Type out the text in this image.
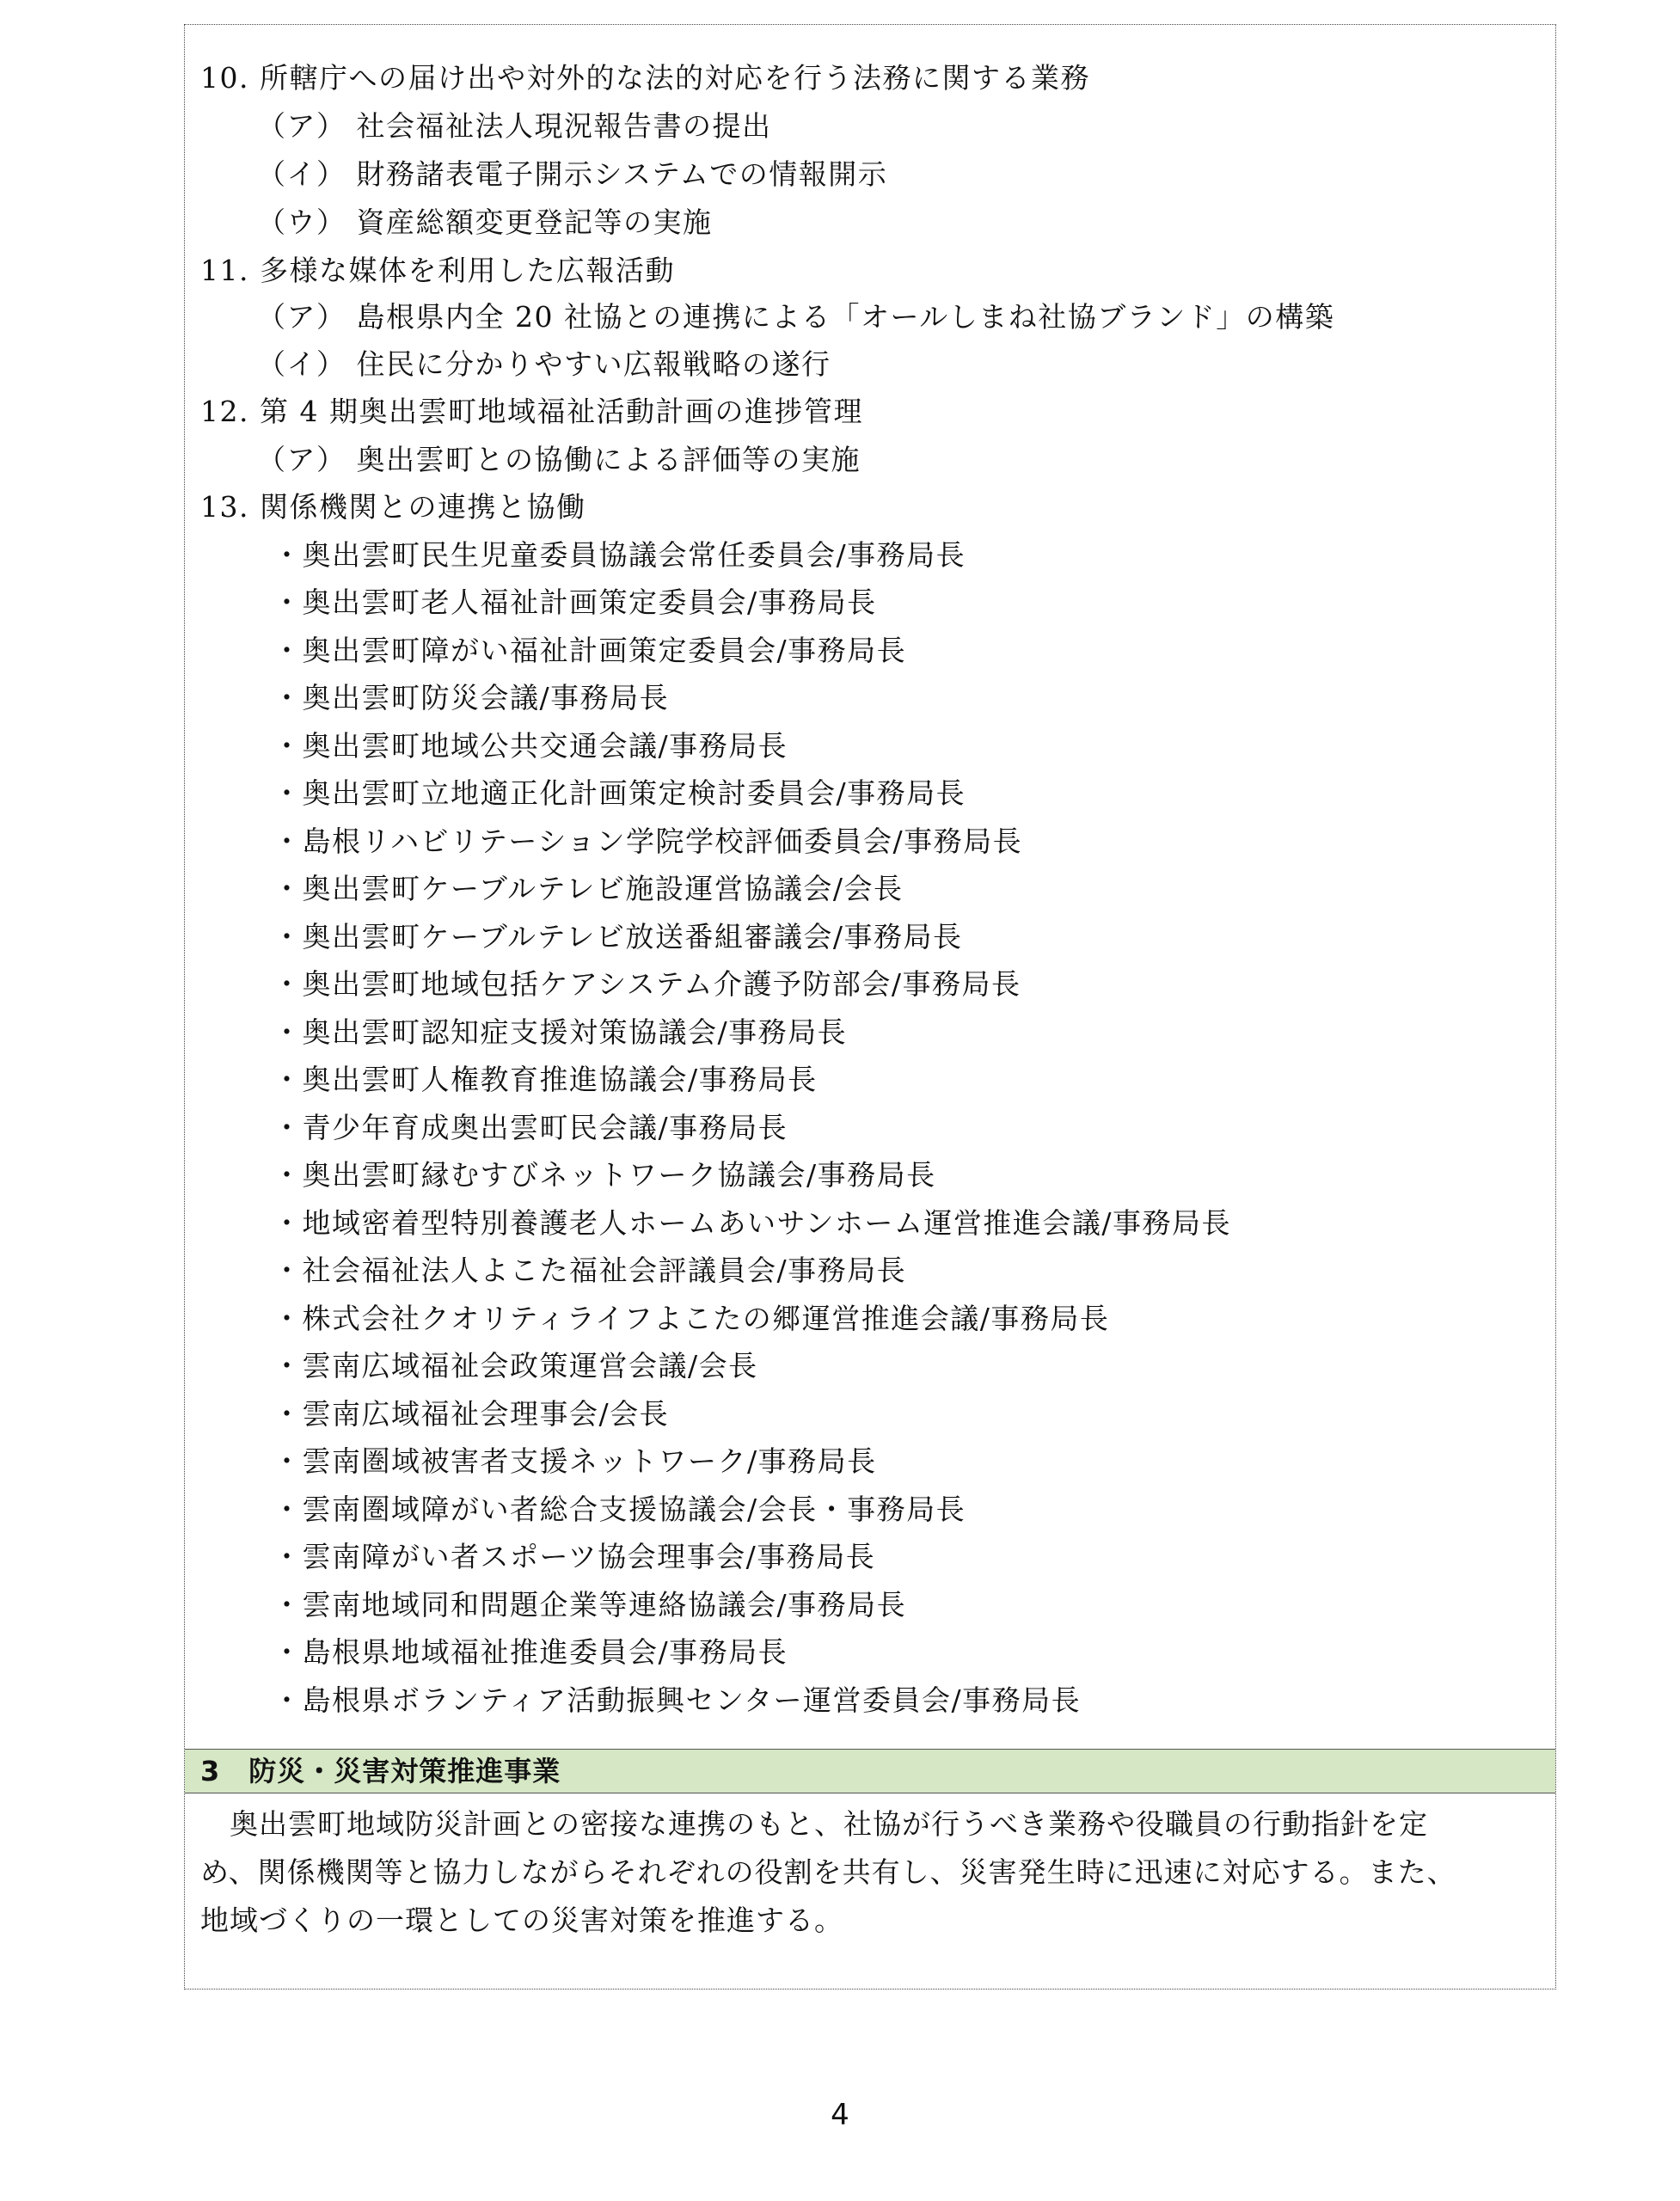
10. 所轄庁への届け出や対外的な法的対応を行う法務に関する業務
（ア） 社会福祉法人現況報告書の提出
（イ） 財務諸表電子開示システムでの情報開示
（ウ） 資産総額変更登記等の実施
11. 多様な媒体を利用した広報活動
（ア） 島根県内全 20 社協との連携による「オールしまね社協ブランド」の構築
（イ） 住民に分かりやすい広報戦略の遂行
12. 第 4 期奥出雲町地域福祉活動計画の進捗管理
（ア） 奥出雲町との協働による評価等の実施
13. 関係機関との連携と協働
・奥出雲町民生児童委員協議会常任委員会/事務局長
・奥出雲町老人福祉計画策定委員会/事務局長
・奥出雲町障がい福祉計画策定委員会/事務局長
・奥出雲町防災会議/事務局長
・奥出雲町地域公共交通会議/事務局長
・奥出雲町立地適正化計画策定検討委員会/事務局長
・島根リハビリテーション学院学校評価委員会/事務局長
・奥出雲町ケーブルテレビ施設運営協議会/会長
・奥出雲町ケーブルテレビ放送番組審議会/事務局長
・奥出雲町地域包括ケアシステム介護予防部会/事務局長
・奥出雲町認知症支援対策協議会/事務局長
・奥出雲町人権教育推進協議会/事務局長
・青少年育成奥出雲町民会議/事務局長
・奥出雲町縁むすびネットワーク協議会/事務局長
・地域密着型特別養護老人ホームあいサンホーム運営推進会議/事務局長
・社会福祉法人よこた福祉会評議員会/事務局長
・株式会社クオリティライフよこたの郷運営推進会議/事務局長
・雲南広域福祉会政策運営会議/会長
・雲南広域福祉会理事会/会長
・雲南圏域被害者支援ネットワーク/事務局長
・雲南圏域障がい者総合支援協議会/会長・事務局長
・雲南障がい者スポーツ協会理事会/事務局長
・雲南地域同和問題企業等連絡協議会/事務局長
・島根県地域福祉推進委員会/事務局長
・島根県ボランティア活動振興センター運営委員会/事務局長
3　防災・災害対策推進事業
　奥出雲町地域防災計画との密接な連携のもと、社協が行うべき業務や役職員の行動指針を定
め、関係機関等と協力しながらそれぞれの役割を共有し、災害発生時に迅速に対応する。また、
地域づくりの一環としての災害対策を推進する。
4
